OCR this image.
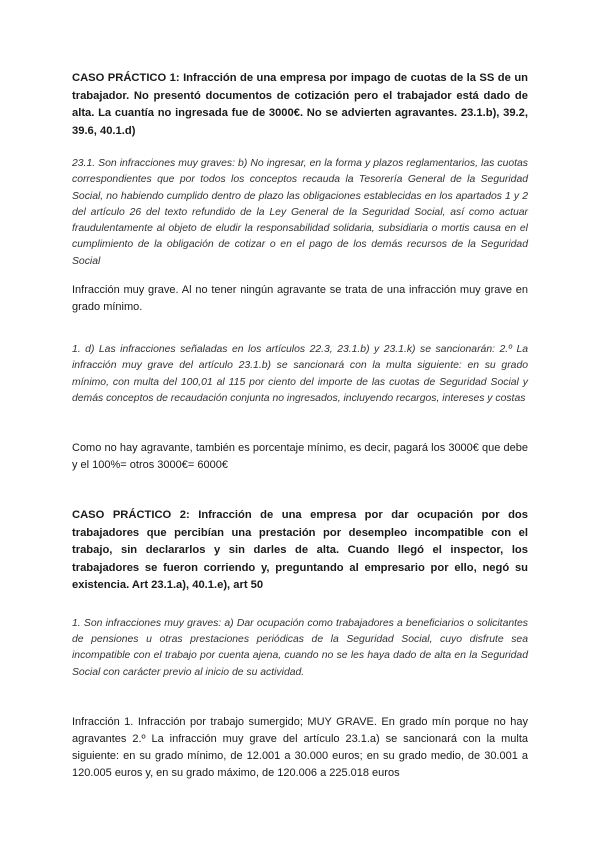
CASO PRÁCTICO 1: Infracción de una empresa por impago de cuotas de la SS de un trabajador. No presentó documentos de cotización pero el trabajador está dado de alta. La cuantía no ingresada fue de 3000€. No se advierten agravantes. 23.1.b), 39.2, 39.6, 40.1.d)

23.1. Son infracciones muy graves: b) No ingresar, en la forma y plazos reglamentarios, las cuotas correspondientes que por todos los conceptos recauda la Tesorería General de la Seguridad Social, no habiendo cumplido dentro de plazo las obligaciones establecidas en los apartados 1 y 2 del artículo 26 del texto refundido de la Ley General de la Seguridad Social, así como actuar fraudulentamente al objeto de eludir la responsabilidad solidaria, subsidiaria o mortis causa en el cumplimiento de la obligación de cotizar o en el pago de los demás recursos de la Seguridad Social

Infracción muy grave. Al no tener ningún agravante se trata de una infracción muy grave en grado mínimo.

1. d) Las infracciones señaladas en los artículos 22.3, 23.1.b) y 23.1.k) se sancionarán: 2.º La infracción muy grave del artículo 23.1.b) se sancionará con la multa siguiente: en su grado mínimo, con multa del 100,01 al 115 por ciento del importe de las cuotas de Seguridad Social y demás conceptos de recaudación conjunta no ingresados, incluyendo recargos, intereses y costas

Como no hay agravante, también es porcentaje mínimo, es decir, pagará los 3000€ que debe y el 100%= otros 3000€= 6000€

CASO PRÁCTICO 2: Infracción de una empresa por dar ocupación por dos trabajadores que percibían una prestación por desempleo incompatible con el trabajo, sin declararlos y sin darles de alta. Cuando llegó el inspector, los trabajadores se fueron corriendo y, preguntando al empresario por ello, negó su existencia. Art 23.1.a), 40.1.e), art 50

1. Son infracciones muy graves: a) Dar ocupación como trabajadores a beneficiarios o solicitantes de pensiones u otras prestaciones periódicas de la Seguridad Social, cuyo disfrute sea incompatible con el trabajo por cuenta ajena, cuando no se les haya dado de alta en la Seguridad Social con carácter previo al inicio de su actividad.

Infracción 1. Infracción por trabajo sumergido; MUY GRAVE. En grado mín porque no hay agravantes 2.º La infracción muy grave del artículo 23.1.a) se sancionará con la multa siguiente: en su grado mínimo, de 12.001 a 30.000 euros; en su grado medio, de 30.001 a 120.005 euros y, en su grado máximo, de 120.006 a 225.018 euros
